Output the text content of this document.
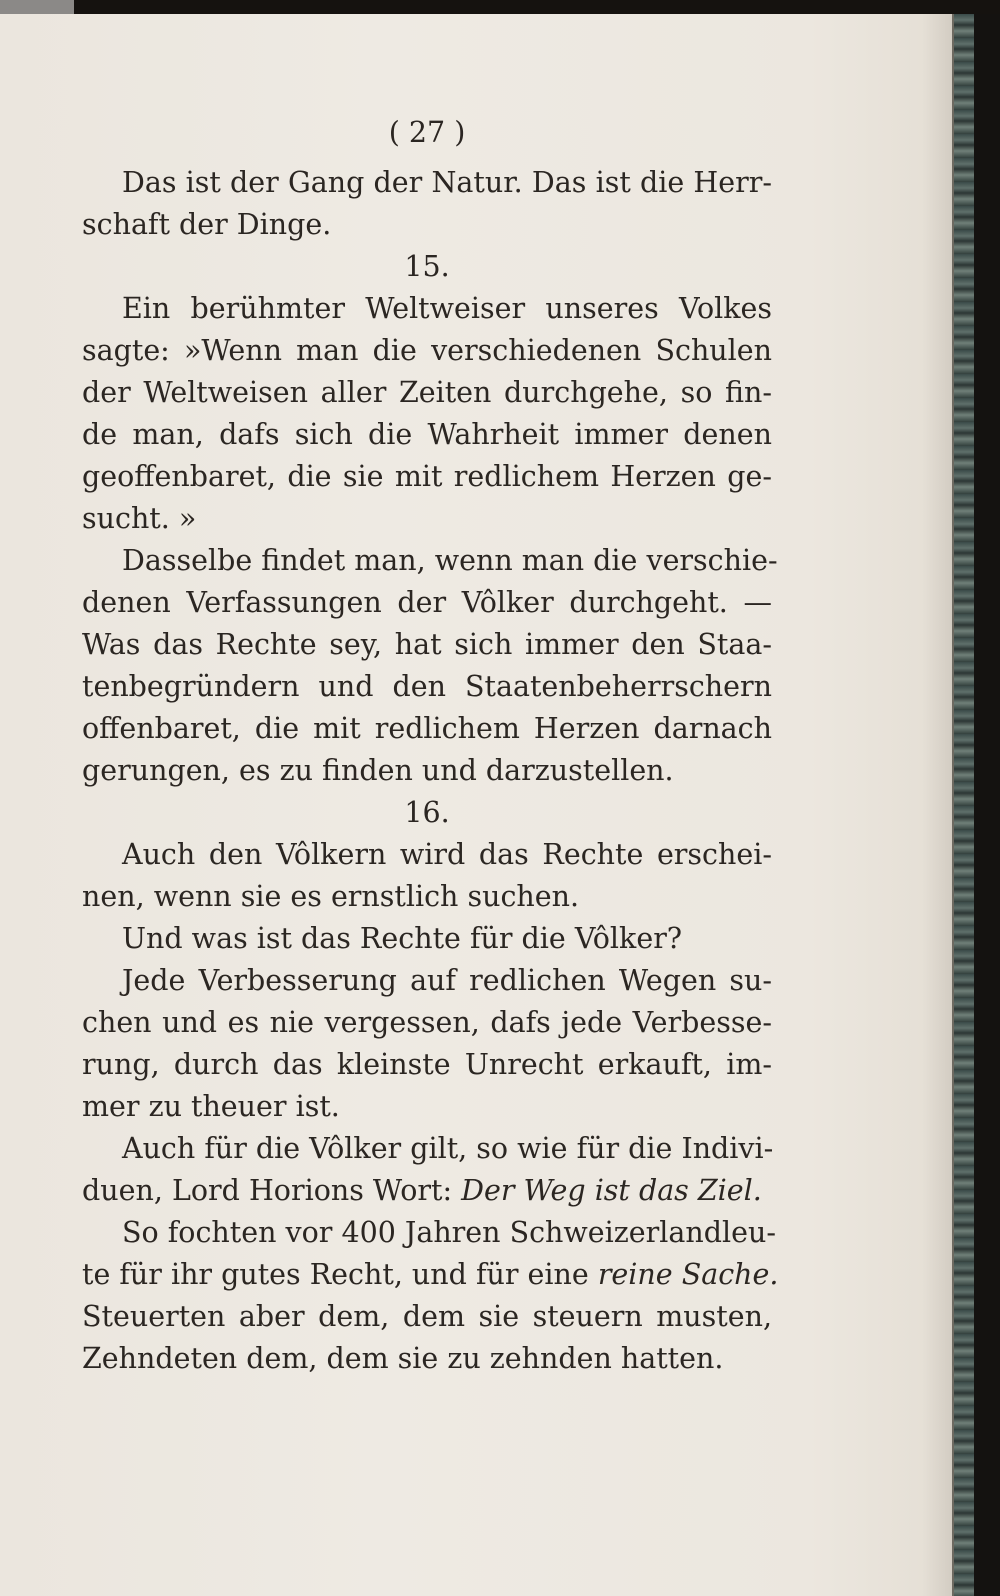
( 27 )
Das ist der Gang der Natur. Das ist die Herr-
schaft der Dinge.
15.
Ein berühmter Weltweiser unseres Volkes
sagte: »Wenn man die verschiedenen Schulen
der Weltweisen aller Zeiten durchgehe, so fin-
de man, dafs sich die Wahrheit immer denen
geoffenbaret, die sie mit redlichem Herzen ge-
sucht. »
Dasselbe findet man, wenn man die verschie-
denen Verfassungen der Vôlker durchgeht. —
Was das Rechte sey, hat sich immer den Staa-
tenbegründern und den Staatenbeherrschern
offenbaret, die mit redlichem Herzen darnach
gerungen, es zu finden und darzustellen.
16.
Auch den Vôlkern wird das Rechte erschei-
nen, wenn sie es ernstlich suchen.
Und was ist das Rechte für die Vôlker?
Jede Verbesserung auf redlichen Wegen su-
chen und es nie vergessen, dafs jede Verbesse-
rung, durch das kleinste Unrecht erkauft, im-
mer zu theuer ist.
Auch für die Vôlker gilt, so wie für die Indivi-
duen, Lord Horions Wort: Der Weg ist das Ziel.
So fochten vor 400 Jahren Schweizerlandleu-
te für ihr gutes Recht, und für eine reine Sache.
Steuerten aber dem, dem sie steuern musten,
Zehndeten dem, dem sie zu zehnden hatten.
